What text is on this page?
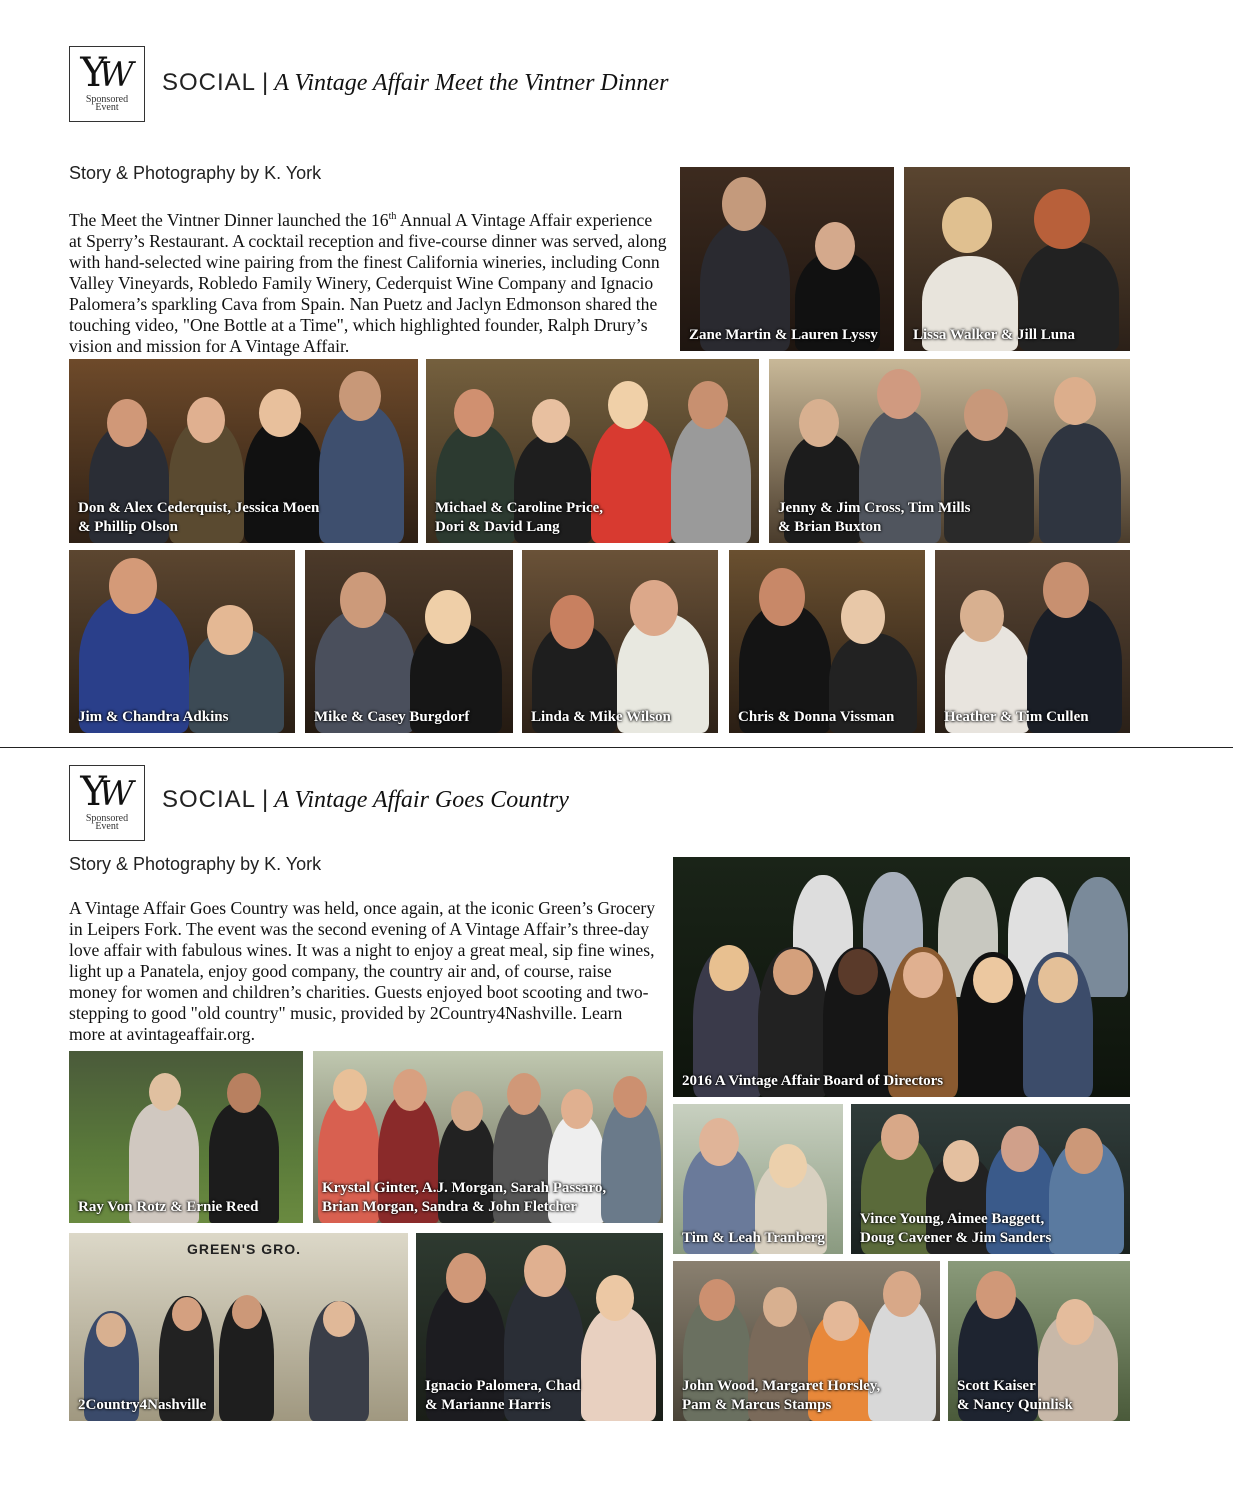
YW
Sponsored
Event
SOCIAL | A Vintage Affair Meet the Vintner Dinner
Story & Photography by K. York

The Meet the Vintner Dinner launched the 16th Annual A Vintage Affair experience at Sperry’s Restaurant. A cocktail reception and five-course dinner was served, along with hand-selected wine pairing from the finest California wineries, including Conn Valley Vineyards, Robledo Family Winery, Cederquist Wine Company and Ignacio Palomera’s sparkling Cava from Spain. Nan Puetz and Jaclyn Edmonson shared the touching video, "One Bottle at a Time", which highlighted founder, Ralph Drury’s vision and mission for A Vintage Affair.

Zane Martin & Lauren Lyssy	Lissa Walker & Jill Luna
Don & Alex Cederquist, Jessica Moen
& Phillip Olson
Michael & Caroline Price,
Dori & David Lang
Jenny & Jim Cross, Tim Mills
& Brian Buxton
Jim & Chandra Adkins	Mike & Casey Burgdorf	Linda & Mike Wilson	Chris & Donna Vissman	Heather & Tim Cullen
YW
Sponsored
Event
SOCIAL | A Vintage Affair Goes Country
Story & Photography by K. York

A Vintage Affair Goes Country was held, once again, at the iconic Green’s Grocery in Leipers Fork. The event was the second evening of A Vintage Affair’s three-day love affair with fabulous wines. It was a night to enjoy a great meal, sip fine wines, light up a Panatela, enjoy good company, the country air and, of course, raise money for women and children’s charities. Guests enjoyed boot scooting and two-stepping to good "old country" music, provided by 2Country4Nashville. Learn more at avintageaffair.org.

2016 A Vintage Affair Board of Directors
Ray Von Rotz & Ernie Reed
Krystal Ginter, A.J. Morgan, Sarah Passaro,
Brian Morgan, Sandra & John Fletcher
Tim & Leah Tranberg
Vince Young, Aimee Baggett,
Doug Cavener & Jim Sanders
GREEN'S GRO.
2Country4Nashville
Ignacio Palomera, Chad
& Marianne Harris
John Wood, Margaret Horsley,
Pam & Marcus Stamps
Scott Kaiser
& Nancy Quinlisk
